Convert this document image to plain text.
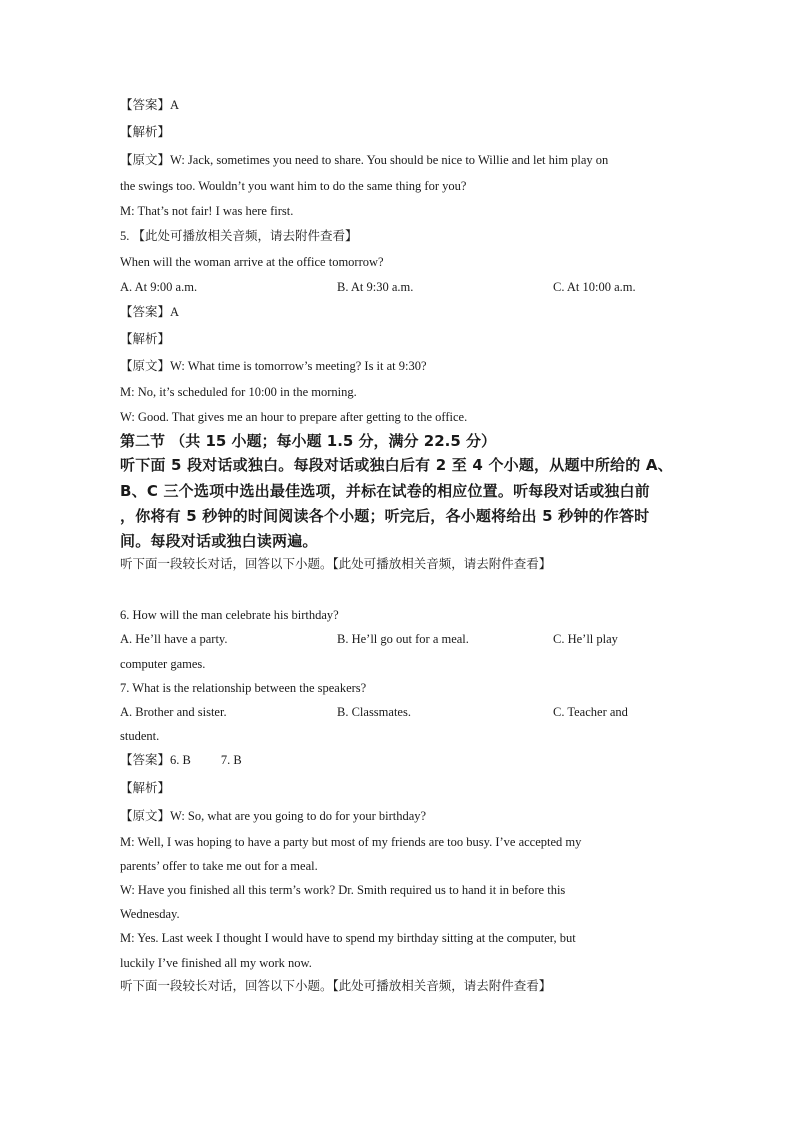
【答案】A
【解析】
【原文】W: Jack, sometimes you need to share. You should be nice to Willie and let him play on
the swings too. Wouldn’t you want him to do the same thing for you?
M: That’s not fair! I was here first.
5. 【此处可播放相关音频，请去附件查看】
When will the woman arrive at the office tomorrow?
A. At 9:00 a.m.	B. At 9:30 a.m.	C. At 10:00 a.m.
【答案】A
【解析】
【原文】W: What time is tomorrow’s meeting? Is it at 9:30?
M: No, it’s scheduled for 10:00 in the morning.
W: Good. That gives me an hour to prepare after getting to the office.
第二节 （共 15 小题；每小题 1.5 分，满分 22.5 分）
听下面 5 段对话或独白。每段对话或独白后有 2 至 4 个小题，从题中所给的 A、
B、C 三个选项中选出最佳选项，并标在试卷的相应位置。听每段对话或独白前
，你将有 5 秒钟的时间阅读各个小题；听完后，各小题将给出 5 秒钟的作答时
间。每段对话或独白读两遍。
听下面一段较长对话，回答以下小题。【此处可播放相关音频，请去附件查看】
6. How will the man celebrate his birthday?
A. He’ll have a party.	B. He’ll go out for a meal.	C. He’ll play
computer games.
7. What is the relationship between the speakers?
A. Brother and sister.	B. Classmates.	C. Teacher and
student.
【答案】6. B 7. B
【解析】
【原文】W: So, what are you going to do for your birthday?
M: Well, I was hoping to have a party but most of my friends are too busy. I’ve accepted my
parents’ offer to take me out for a meal.
W: Have you finished all this term’s work? Dr. Smith required us to hand it in before this
Wednesday.
M: Yes. Last week I thought I would have to spend my birthday sitting at the computer, but
luckily I’ve finished all my work now.
听下面一段较长对话，回答以下小题。【此处可播放相关音频，请去附件查看】
